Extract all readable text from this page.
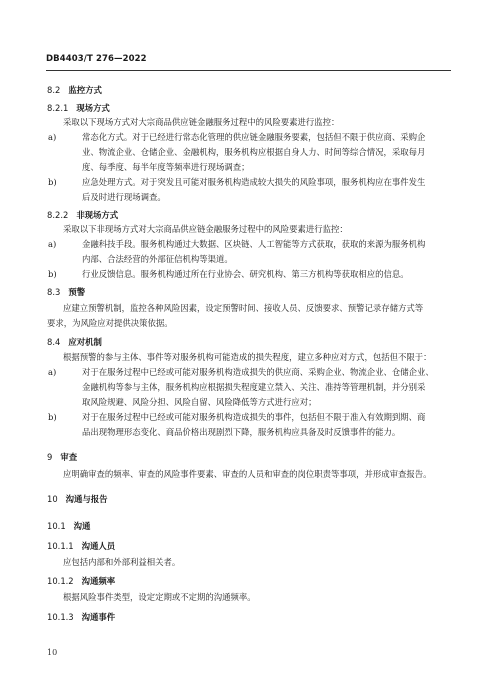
DB4403/T 276—2022
8.2 监控方式
8.2.1 现场方式
采取以下现场方式对大宗商品供应链金融服务过程中的风险要素进行监控：
a)	常态化方式。对于已经进行常态化管理的供应链金融服务要素，包括但不限于供应商、采购企
业、物流企业、仓储企业、金融机构，服务机构应根据自身人力、时间等综合情况，采取每月
度、每季度、每半年度等频率进行现场调查；
b)	应急处理方式。对于突发且可能对服务机构造成较大损失的风险事项，服务机构应在事件发生
后及时进行现场调查。
8.2.2 非现场方式
采取以下非现场方式对大宗商品供应链金融服务过程中的风险要素进行监控：
a)	金融科技手段。服务机构通过大数据、区块链、人工智能等方式获取，获取的来源为服务机构
内部、合法经营的外部征信机构等渠道。
b)	行业反馈信息。服务机构通过所在行业协会、研究机构、第三方机构等获取相应的信息。
8.3 预警
应建立预警机制，监控各种风险因素，设定预警时间、接收人员、反馈要求、预警记录存储方式等
要求，为风险应对提供决策依据。
8.4 应对机制
根据预警的参与主体、事件等对服务机构可能造成的损失程度，建立多种应对方式，包括但不限于：
a)	对于在服务过程中已经或可能对服务机构造成损失的供应商、采购企业、物流企业、仓储企业、
金融机构等参与主体，服务机构应根据损失程度建立禁入、关注、准持等管理机制，并分别采
取风险规避、风险分担、风险自留、风险降低等方式进行应对；
b)	对于在服务过程中已经或可能对服务机构造成损失的事件，包括但不限于准入有效期到期、商
品出现物理形态变化、商品价格出现剧烈下降，服务机构应具备及时反馈事件的能力。
9 审查
应明确审查的频率、审查的风险事件要素、审查的人员和审查的岗位职责等事项，并形成审查报告。
10 沟通与报告
10.1 沟通
10.1.1 沟通人员
应包括内部和外部利益相关者。
10.1.2 沟通频率
根据风险事件类型，设定定期或不定期的沟通频率。
10.1.3 沟通事件
10
